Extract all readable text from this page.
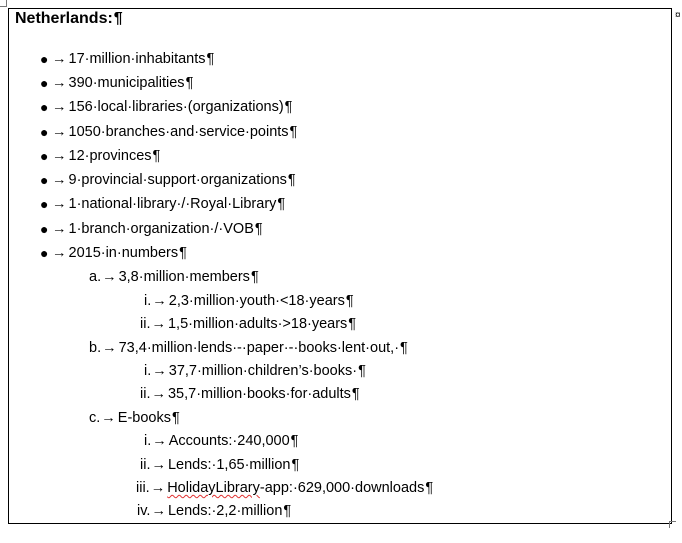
¤
Netherlands:¶
● → 17·million·inhabitants¶
● → 390·municipalities¶
● → 156·local·libraries·(organizations)¶
● → 1050·branches·and·service·points¶
● → 12·provinces¶
● → 9·provincial·support·organizations¶
● → 1·national·library·/·Royal·Library¶
● → 1·branch·organization·/·VOB¶
● → 2015·in·numbers¶
a.→ 3,8·million·members¶
i.→ 2,3·million·youth·<18·years¶
ii.→ 1,5·million·adults·>18·years¶
b.→ 73,4·million·lends·-·paper·-·books·lent·out,·¶
i.→ 37,7·million·children’s·books·¶
ii.→ 35,7·million·books·for·adults¶
c.→ E-books¶
i.→ Accounts:·240,000¶
ii.→ Lends:·1,65·million¶
iii.→ HolidayLibrary-app:·629,000·downloads¶
iv.→ Lends:·2,2·million¶
